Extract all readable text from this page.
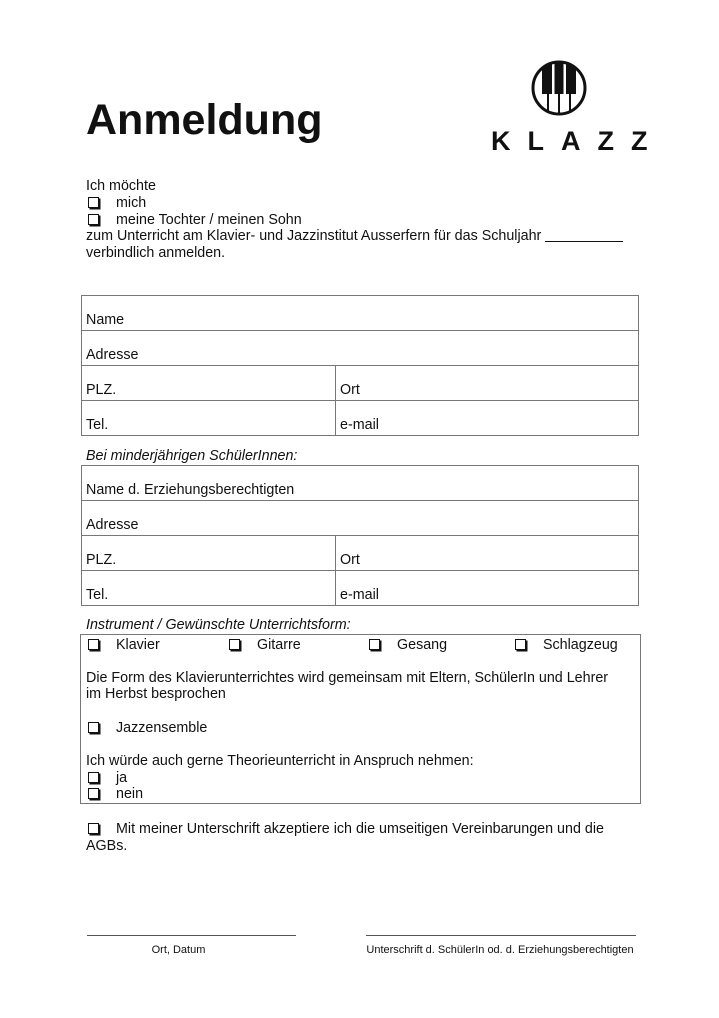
Anmeldung	KLAZZ
Ich möchte
mich
meine Tochter / meinen Sohn
zum Unterricht am Klavier- und Jazzinstitut Ausserfern für das Schuljahr
verbindlich anmelden.
Name	
Adresse	
PLZ.	Ort
Tel.	e-mail
Bei minderjährigen SchülerInnen:
Name d. Erziehungsberechtigten	
Adresse	
PLZ.	Ort
Tel.	e-mail
Instrument / Gewünschte Unterrichtsform:
Klavier	Gitarre	Gesang	Schlagzeug
Die Form des Klavierunterrichtes wird gemeinsam mit Eltern, SchülerIn und Lehrer
im Herbst besprochen
Jazzensemble
Ich würde auch gerne Theorieunterricht in Anspruch nehmen:
ja
nein
Mit meiner Unterschrift akzeptiere ich die umseitigen Vereinbarungen und die
AGBs.
Ort, Datum	Unterschrift d. SchülerIn od. d. Erziehungsberechtigten
